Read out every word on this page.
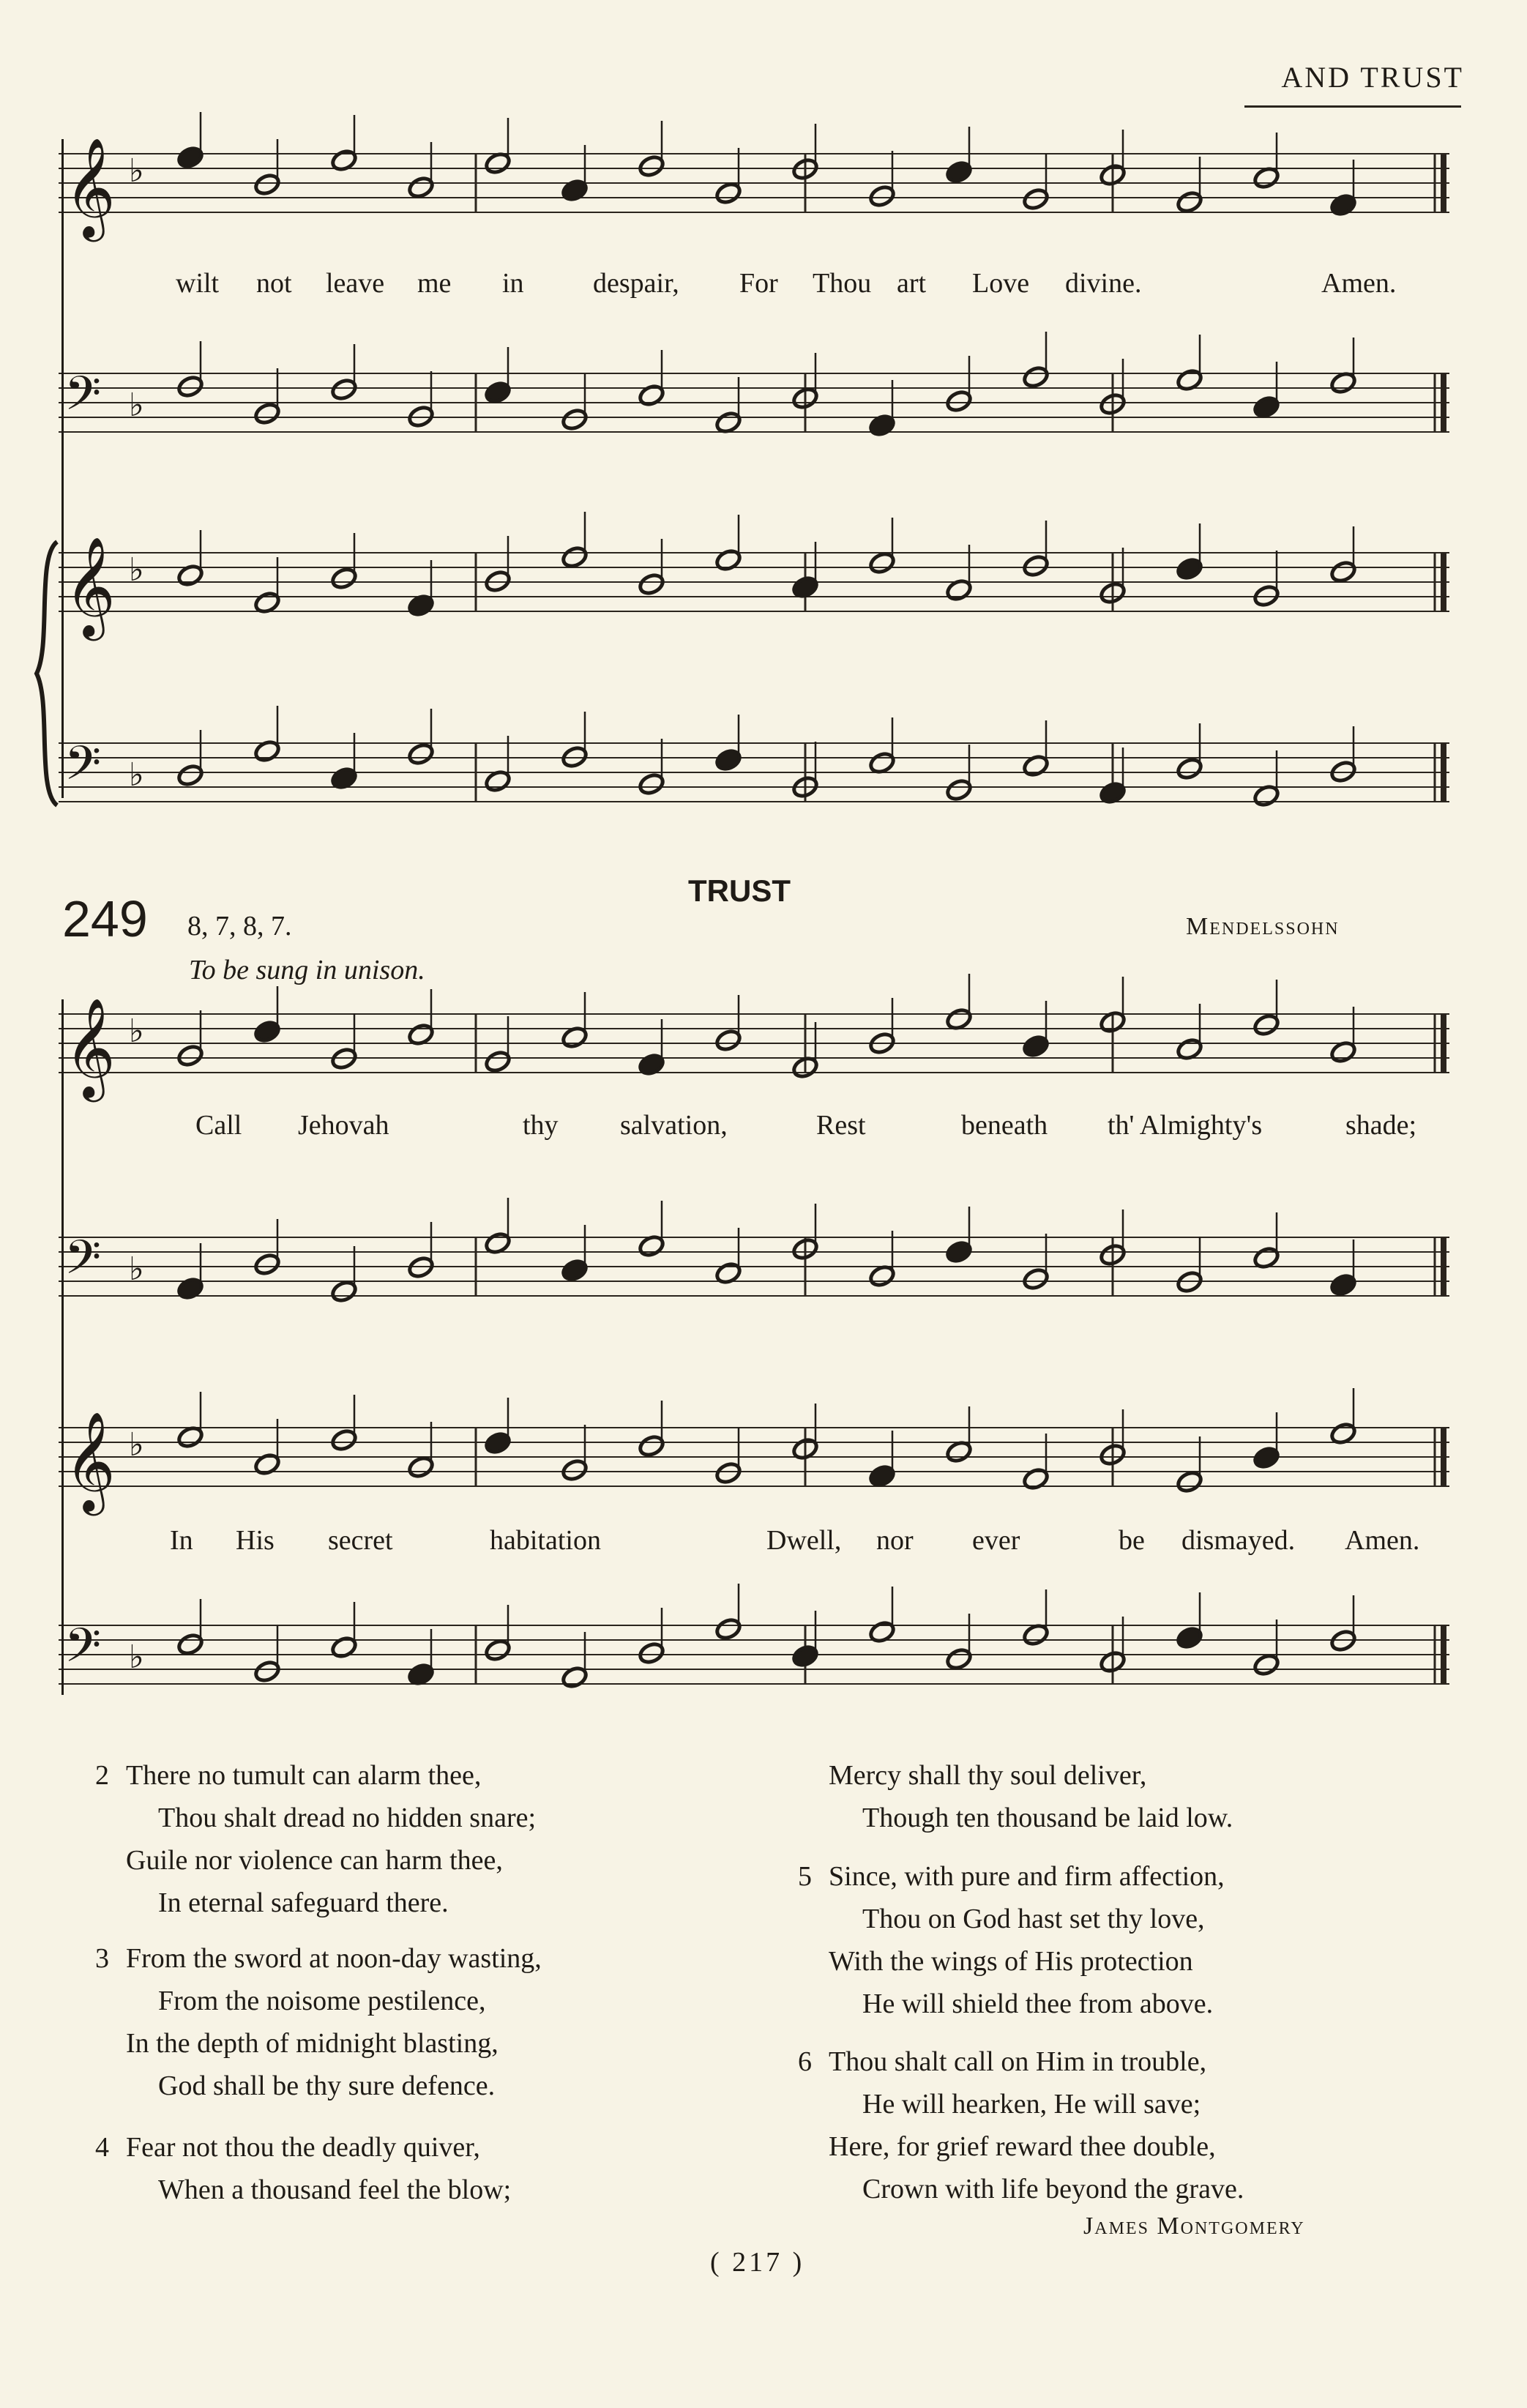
AND TRUST
𝄞 ♭
𝄢 ♭
𝄞 ♭
𝄢 ♭
𝄞 ♭
𝄢 ♭
𝄞 ♭
𝄢 ♭
wilt not leave me in despair, For Thou art Love divine.	Amen.
249 8, 7, 8, 7.
TRUST
Mendelssohn
To be sung in unison.
Call Jehovah	thy salvation,	Rest	beneath th' Almighty's	shade;
In His secret	habitation	Dwell, nor ever	be dismayed. Amen.
2 There no tumult can alarm thee,
Thou shalt dread no hidden snare;
Guile nor violence can harm thee,
In eternal safeguard there.
3 From the sword at noon-day wasting,
From the noisome pestilence,
In the depth of midnight blasting,
God shall be thy sure defence.
4 Fear not thou the deadly quiver,
When a thousand feel the blow;
Mercy shall thy soul deliver,
Though ten thousand be laid low.
5 Since, with pure and firm affection,
Thou on God hast set thy love,
With the wings of His protection
He will shield thee from above.
6 Thou shalt call on Him in trouble,
He will hearken, He will save;
Here, for grief reward thee double,
Crown with life beyond the grave.
James Montgomery
( 217 )
